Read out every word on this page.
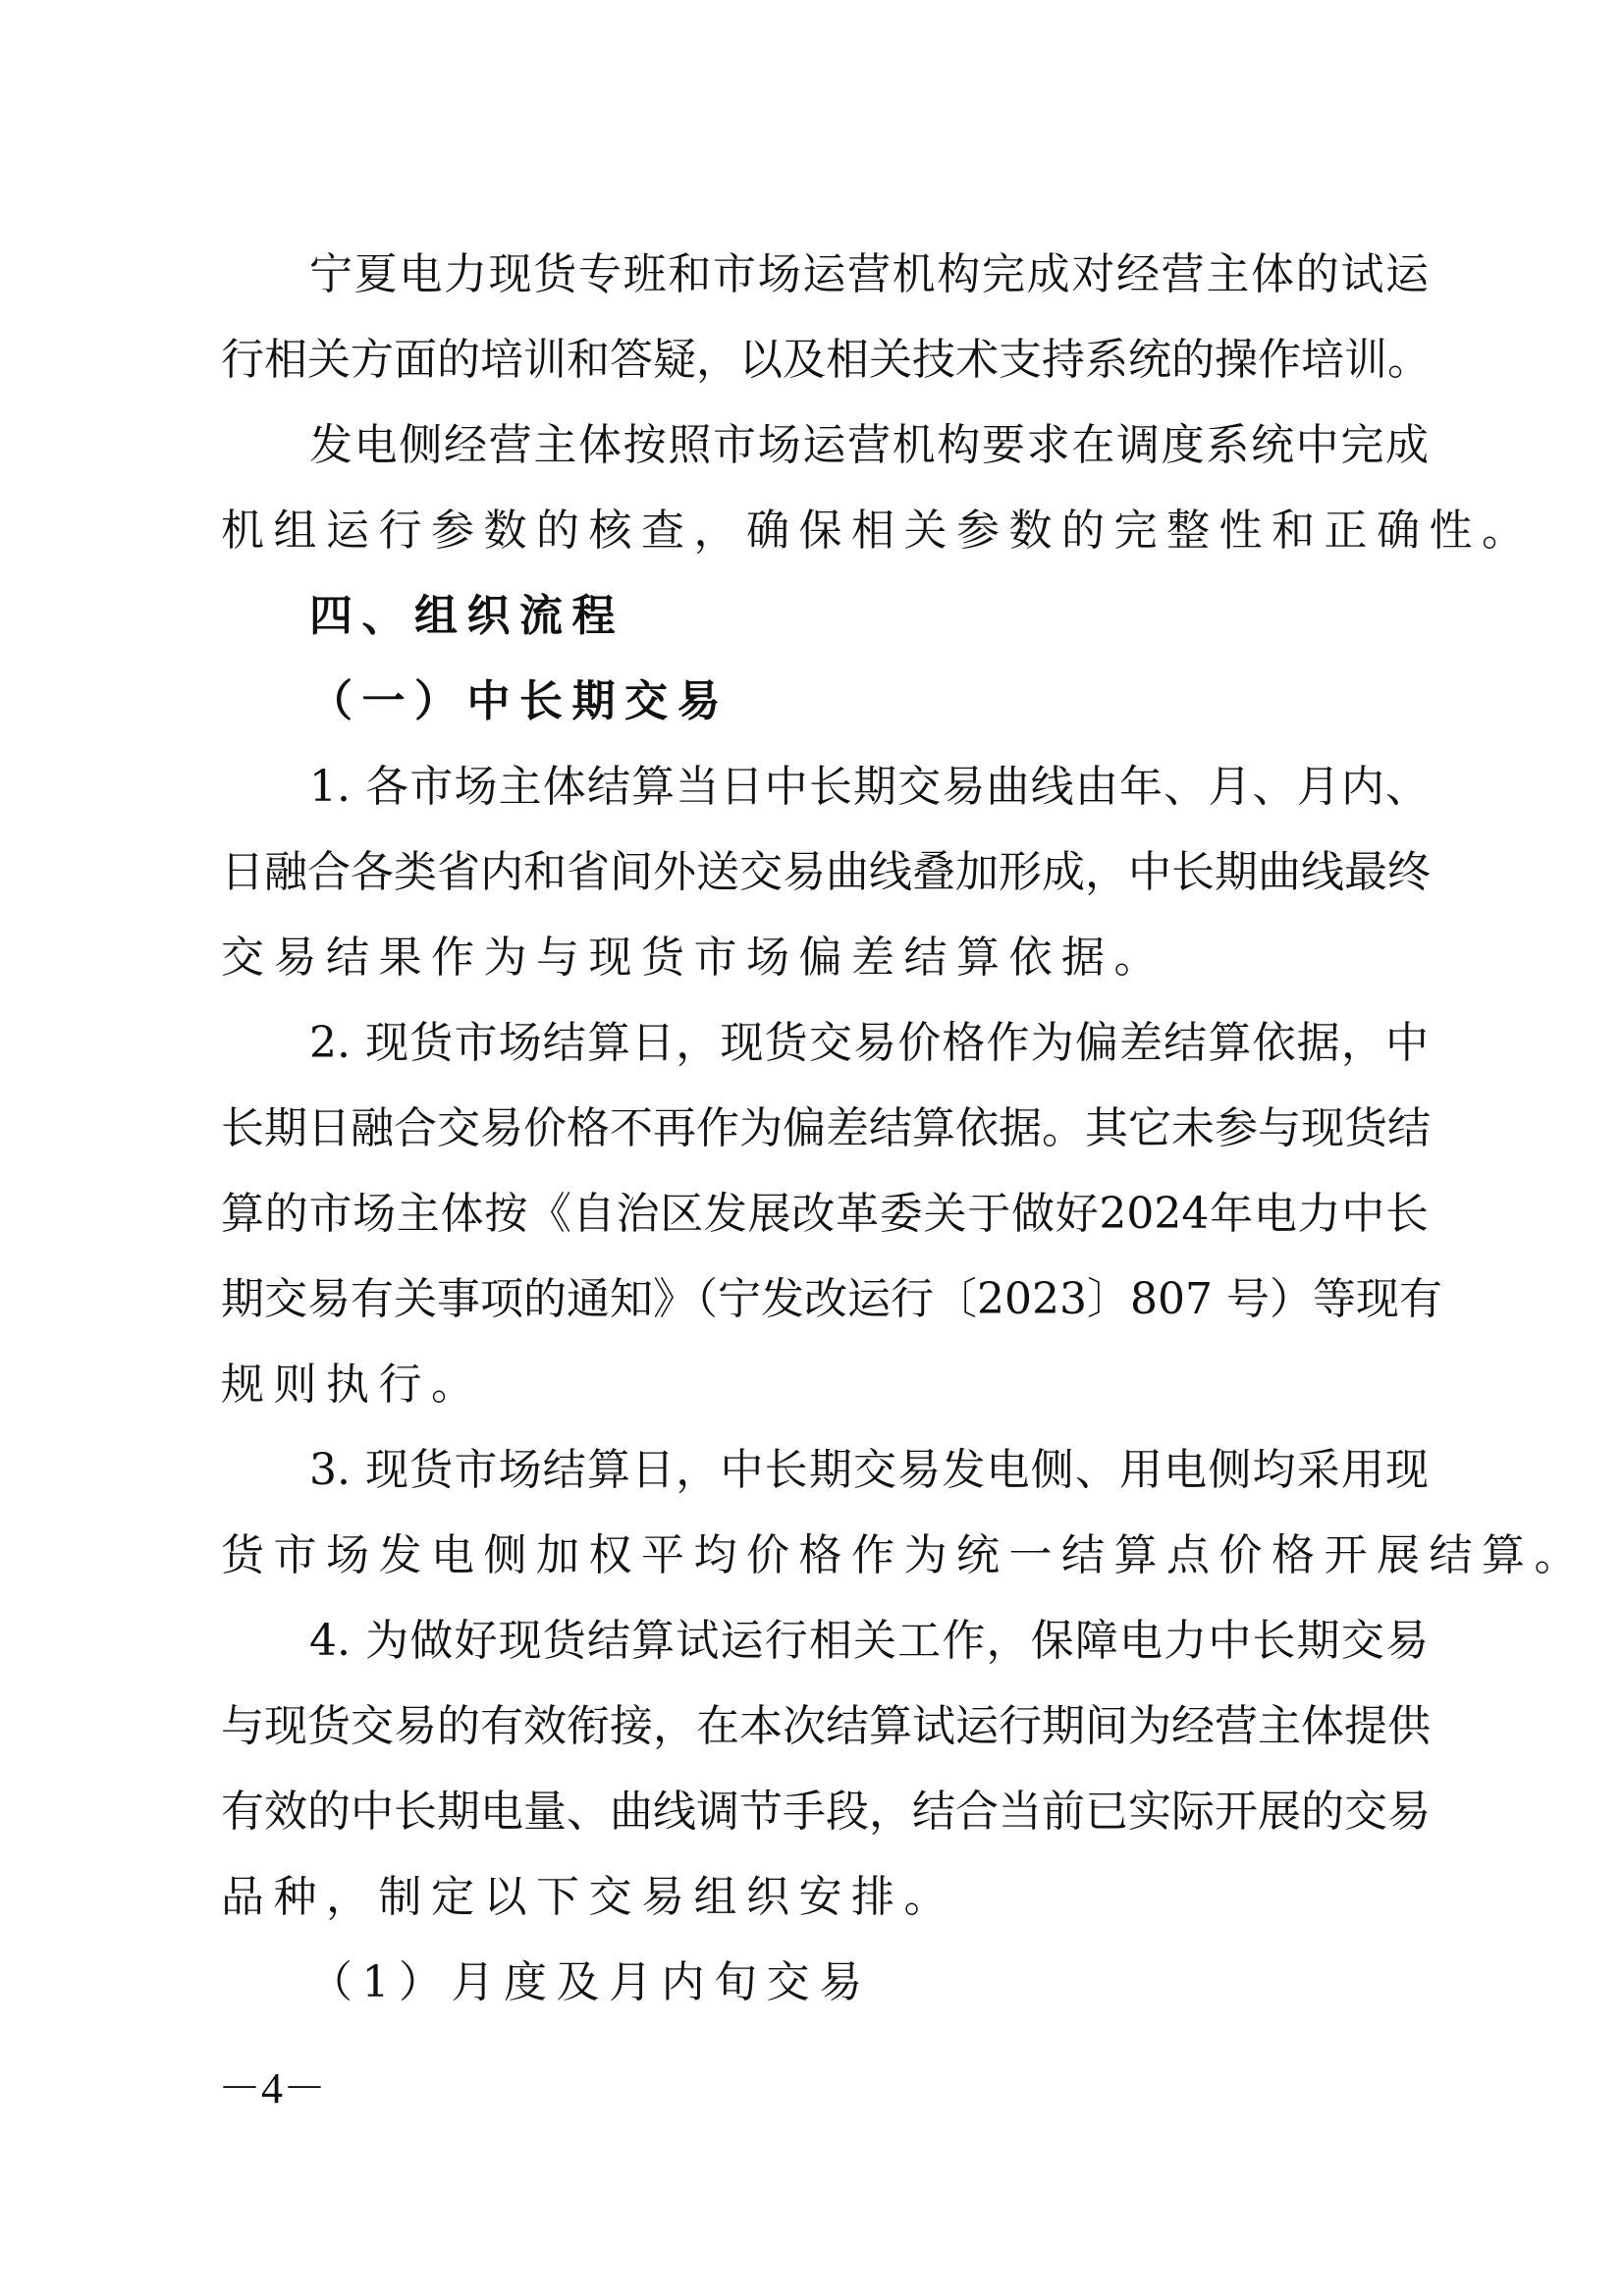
宁夏电力现货专班和市场运营机构完成对经营主体的试运
行相关方面的培训和答疑，以及相关技术支持系统的操作培训。
发电侧经营主体按照市场运营机构要求在调度系统中完成
机组运行参数的核查，确保相关参数的完整性和正确性。
四、组织流程
（一）中长期交易
1. 各市场主体结算当日中长期交易曲线由年、月、月内、
日融合各类省内和省间外送交易曲线叠加形成，中长期曲线最终
交易结果作为与现货市场偏差结算依据。
2. 现货市场结算日，现货交易价格作为偏差结算依据，中
长期日融合交易价格不再作为偏差结算依据。其它未参与现货结
算的市场主体按《自治区发展改革委关于做好2024年电力中长
期交易有关事项的通知》（宁发改运行〔2023〕807 号）等现有
规则执行。
3. 现货市场结算日，中长期交易发电侧、用电侧均采用现
货市场发电侧加权平均价格作为统一结算点价格开展结算。
4. 为做好现货结算试运行相关工作，保障电力中长期交易
与现货交易的有效衔接，在本次结算试运行期间为经营主体提供
有效的中长期电量、曲线调节手段，结合当前已实际开展的交易
品种，制定以下交易组织安排。
（1）月度及月内旬交易
－4－
